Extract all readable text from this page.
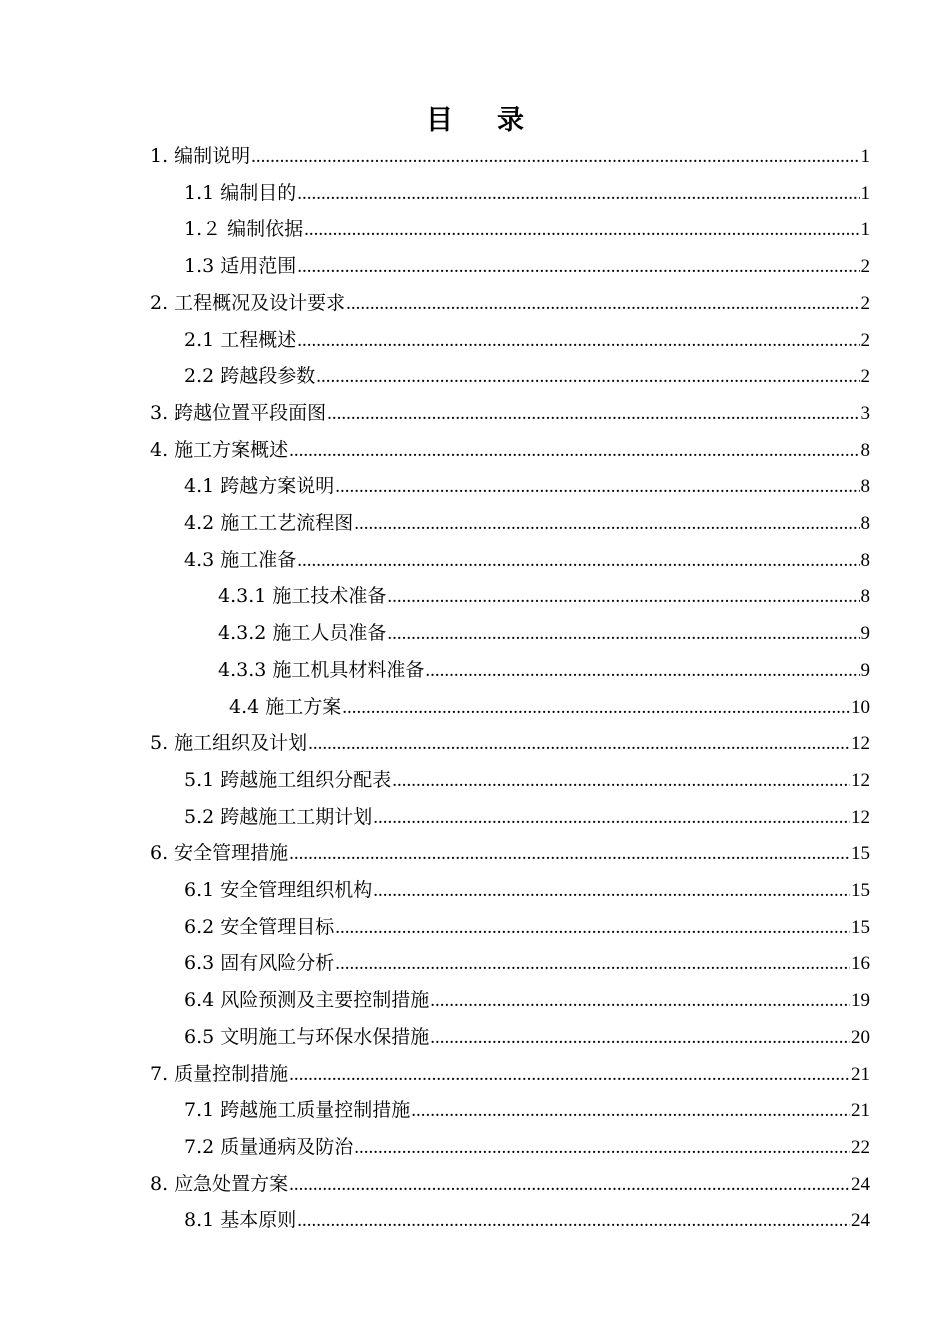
目 录
1. 编制说明 .....	1
1.1 编制目的 .....	1
1.２ 编制依据 .....	1
1.3 适用范围 .....	2
2. 工程概况及设计要求 .....	2
2.1 工程概述 .....	2
2.2 跨越段参数 .....	2
3. 跨越位置平段面图 .....	3
4. 施工方案概述 .....	8
4.1 跨越方案说明 .....	8
4.2 施工工艺流程图 .....	8
4.3 施工准备 .....	8
4.3.1 施工技术准备 .....	8
4.3.2 施工人员准备 .....	9
4.3.3 施工机具材料准备 .....	9
4.4 施工方案 .....	10
5. 施工组织及计划 .....	12
5.1 跨越施工组织分配表 .....	12
5.2 跨越施工工期计划 .....	12
6. 安全管理措施 .....	15
6.1 安全管理组织机构 .....	15
6.2 安全管理目标 .....	15
6.3 固有风险分析 .....	16
6.4 风险预测及主要控制措施 .....	19
6.5 文明施工与环保水保措施 .....	20
7. 质量控制措施 .....	21
7.1 跨越施工质量控制措施 .....	21
7.2 质量通病及防治 .....	22
8. 应急处置方案 .....	24
8.1 基本原则 .....	24
